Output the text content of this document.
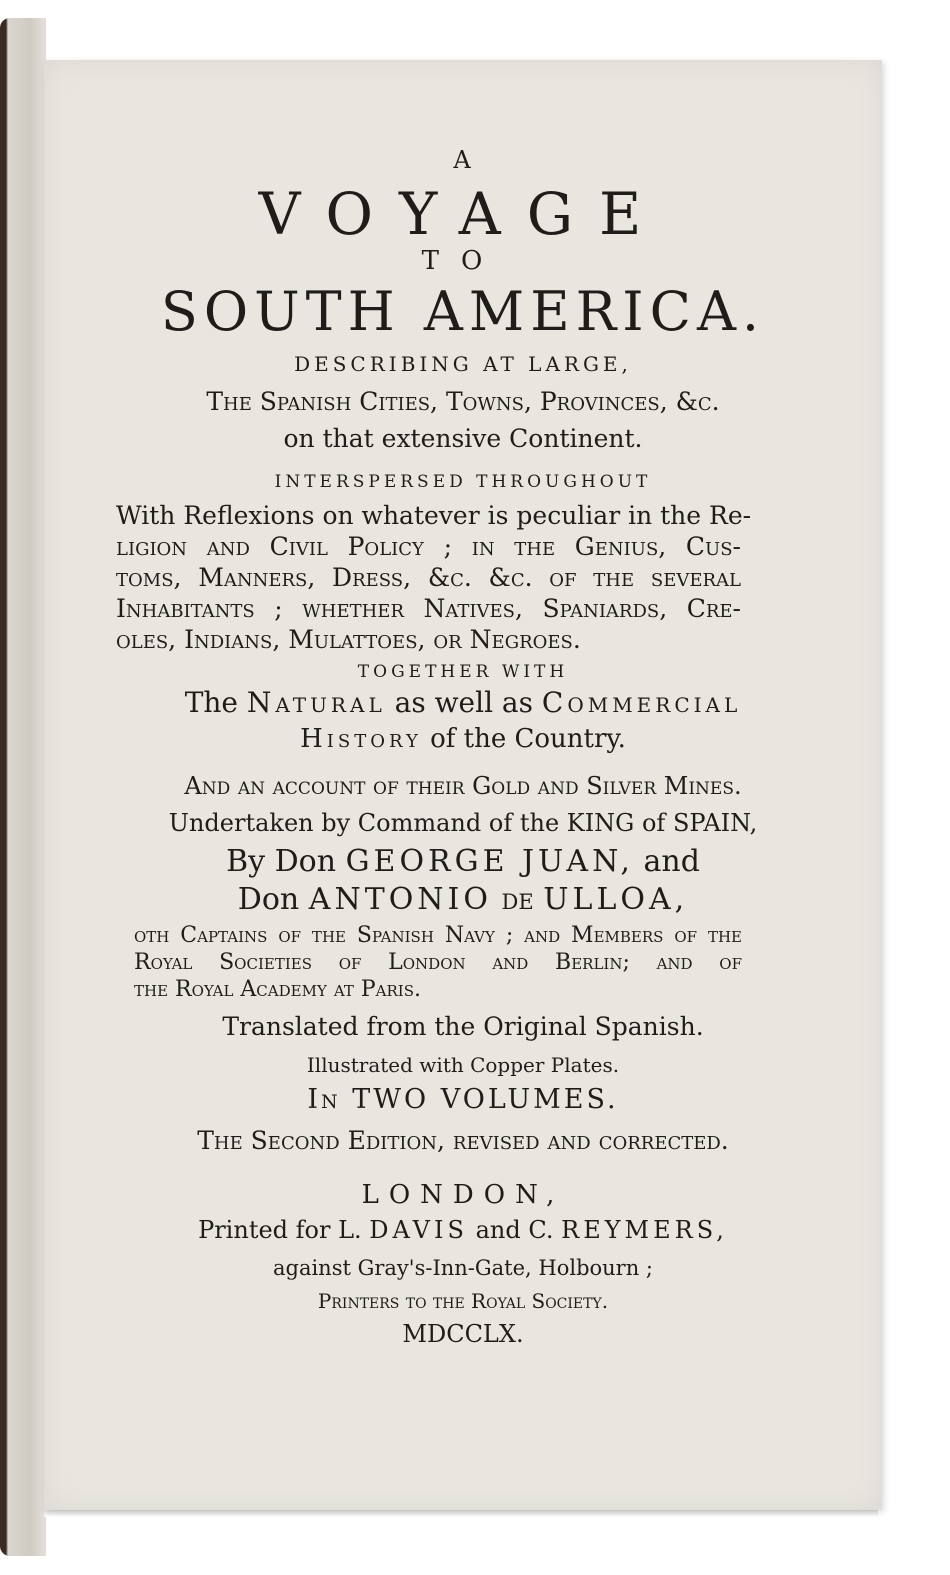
A
VOYAGE
TO
SOUTH AMERICA.
DESCRIBING AT LARGE,
The Spanish Cities, Towns, Provinces, &c.
on that extensive Continent.
INTERSPERSED THROUGHOUT
With Reflexions on whatever is peculiar in the Re-
ligion and Civil Policy ; in the Genius, Cus-
toms, Manners, Dress, &c. &c. of the several
Inhabitants ; whether Natives, Spaniards, Cre-
oles, Indians, Mulattoes, or Negroes.
TOGETHER WITH
The Natural as well as Commercial
History of the Country.
And an account of their Gold and Silver Mines.
Undertaken by Command of the KING of SPAIN,
By Don GEORGE JUAN, and
Don ANTONIO de ULLOA,
oth Captains of the Spanish Navy ; and Members of the
Royal Societies of London and Berlin; and of
the Royal Academy at Paris.
Translated from the Original Spanish.
Illustrated with Copper Plates.
In TWO VOLUMES.
The Second Edition, revised and corrected.
LONDON,
Printed for L. DAVIS and C. REYMERS,
against Gray's-Inn-Gate, Holbourn ;
Printers to the Royal Society.
MDCCLX.
